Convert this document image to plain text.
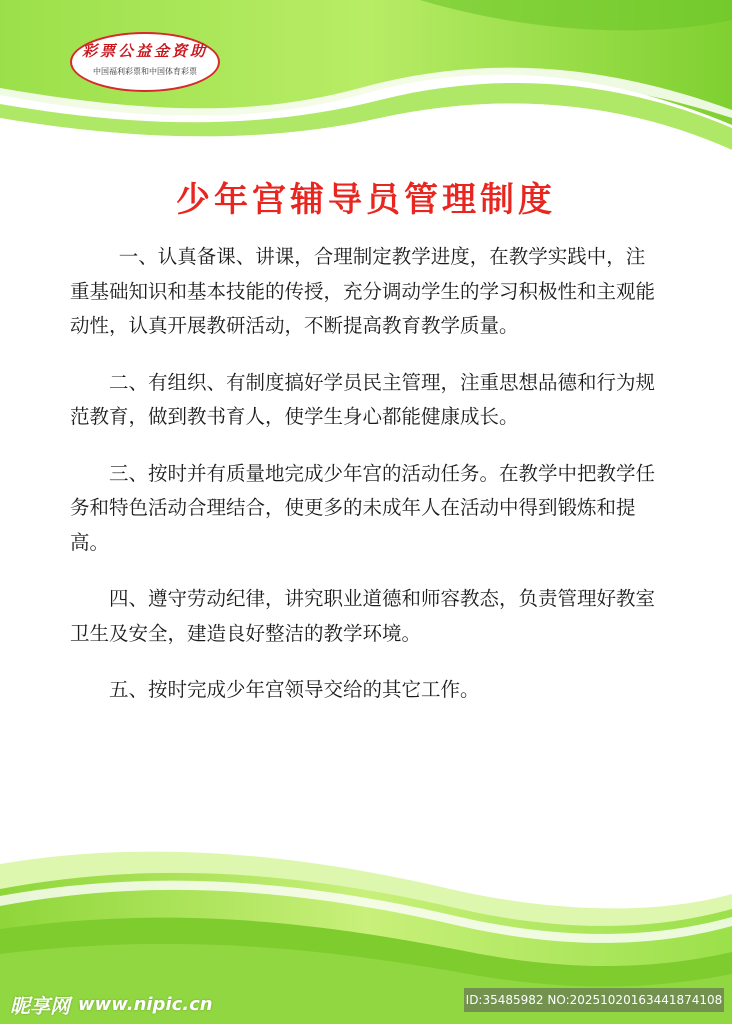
彩票公益金资助
中国福利彩票和中国体育彩票
少年宫辅导员管理制度

一、认真备课、讲课，合理制定教学进度，在教学实践中，注重基础知识和基本技能的传授，充分调动学生的学习积极性和主观能动性，认真开展教研活动，不断提高教育教学质量。

二、有组织、有制度搞好学员民主管理，注重思想品德和行为规范教育，做到教书育人，使学生身心都能健康成长。

三、按时并有质量地完成少年宫的活动任务。在教学中把教学任务和特色活动合理结合，使更多的未成年人在活动中得到锻炼和提高。

四、遵守劳动纪律，讲究职业道德和师容教态，负责管理好教室卫生及安全，建造良好整洁的教学环境。

五、按时完成少年宫领导交给的其它工作。

昵享网 www.nipic.cn	ID:35485982 NO:20251020163441874108
